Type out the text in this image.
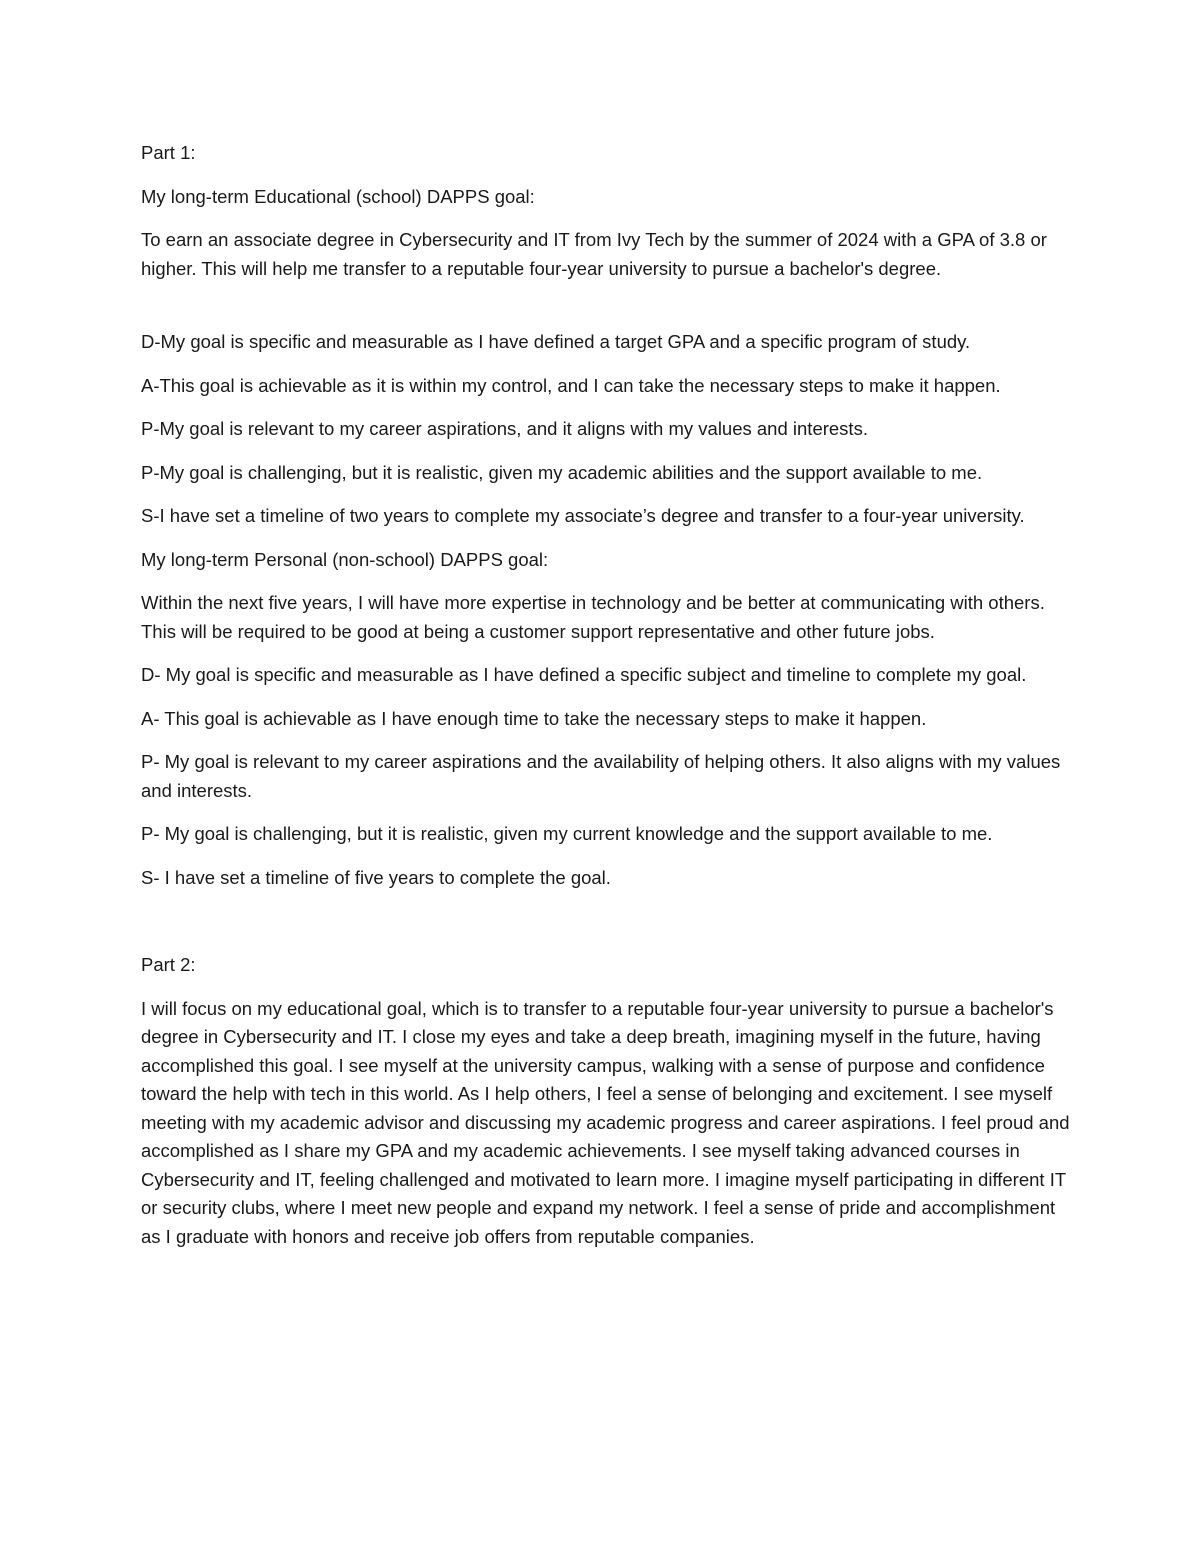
Part 1:

My long-term Educational (school) DAPPS goal:

To earn an associate degree in Cybersecurity and IT from Ivy Tech by the summer of 2024 with a GPA of 3.8 or higher. This will help me transfer to a reputable four-year university to pursue a bachelor's degree.

D-My goal is specific and measurable as I have defined a target GPA and a specific program of study.

A-This goal is achievable as it is within my control, and I can take the necessary steps to make it happen.

P-My goal is relevant to my career aspirations, and it aligns with my values and interests.

P-My goal is challenging, but it is realistic, given my academic abilities and the support available to me.

S-I have set a timeline of two years to complete my associate’s degree and transfer to a four-year university.

My long-term Personal (non-school) DAPPS goal:

Within the next five years, I will have more expertise in technology and be better at communicating with others. This will be required to be good at being a customer support representative and other future jobs.

D- My goal is specific and measurable as I have defined a specific subject and timeline to complete my goal.

A- This goal is achievable as I have enough time to take the necessary steps to make it happen.

P- My goal is relevant to my career aspirations and the availability of helping others. It also aligns with my values and interests.

P- My goal is challenging, but it is realistic, given my current knowledge and the support available to me.

S- I have set a timeline of five years to complete the goal.

Part 2:

I will focus on my educational goal, which is to transfer to a reputable four-year university to pursue a bachelor's degree in Cybersecurity and IT. I close my eyes and take a deep breath, imagining myself in the future, having accomplished this goal. I see myself at the university campus, walking with a sense of purpose and confidence toward the help with tech in this world. As I help others, I feel a sense of belonging and excitement. I see myself meeting with my academic advisor and discussing my academic progress and career aspirations. I feel proud and accomplished as I share my GPA and my academic achievements. I see myself taking advanced courses in Cybersecurity and IT, feeling challenged and motivated to learn more. I imagine myself participating in different IT or security clubs, where I meet new people and expand my network. I feel a sense of pride and accomplishment as I graduate with honors and receive job offers from reputable companies.
